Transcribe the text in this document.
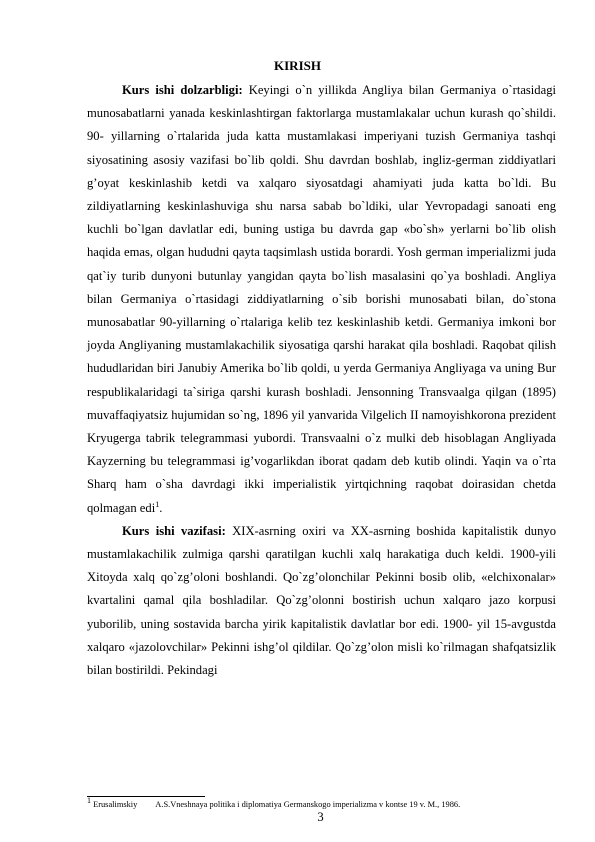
KIRISH

Kurs ishi dolzarbligi: Keyingi o`n yillikda Angliya bilan Germaniya o`rtasidagi munosabatlarni yanada keskinlashtirgan faktorlarga mustamlakalar uchun kurash qo`shildi. 90- yillarning o`rtalarida juda katta mustamlakasi imperiyani tuzish Germaniya tashqi siyosatining asosiy vazifasi bo`lib qoldi. Shu davrdan boshlab, ingliz-german ziddiyatlari g’oyat keskinlashib ketdi va xalqaro siyosatdagi ahamiyati juda katta bo`ldi. Bu zildiyatlarning keskinlashuviga shu narsa sabab bo`ldiki, ular Yevropadagi sanoati eng kuchli bo`lgan davlatlar edi, buning ustiga bu davrda gap «bo`sh» yerlarni bo`lib olish haqida emas, olgan hududni qayta taqsimlash ustida borardi. Yosh german imperializmi juda qat`iy turib dunyoni butunlay yangidan qayta bo`lish masalasini qo`ya boshladi. Angliya bilan Germaniya o`rtasidagi ziddiyatlarning o`sib borishi munosabati bilan, do`stona munosabatlar 90-yillarning o`rtalariga kelib tez keskinlashib ketdi. Germaniya imkoni bor joyda Angliyaning mustamlakachilik siyosatiga qarshi harakat qila boshladi. Raqobat qilish hududlaridan biri Janubiy Amerika bo`lib qoldi, u yerda Germaniya Angliyaga va uning Bur respublikalaridagi ta`siriga qarshi kurash boshladi. Jensonning Transvaalga qilgan (1895) muvaffaqiyatsiz hujumidan so`ng, 1896 yil yanvarida Vilgelich II namoyishkorona prezident Kryugerga tabrik telegrammasi yubordi. Transvaalni o`z mulki deb hisoblagan Angliyada Kayzerning bu telegrammasi ig’vogarlikdan iborat qadam deb kutib olindi. Yaqin va o`rta Sharq ham o`sha davrdagi ikki imperialistik yirtqichning raqobat doirasidan chetda qolmagan edi$^1$.

Kurs ishi vazifasi: XIX-asrning oxiri va XX-asrning boshida kapitalistik dunyo mustamlakachilik zulmiga qarshi qaratilgan kuchli xalq harakatiga duch keldi. 1900-yili Xitoyda xalq qo`zg’oloni boshlandi. Qo`zg’olonchilar Pekinni bosib olib, «elchixonalar» kvartalini qamal qila boshladilar. Qo`zg’olonni bostirish uchun xalqaro jazo korpusi yuborilib, uning sostavida barcha yirik kapitalistik davlatlar bor edi. 1900- yil 15-avgustda xalqaro «jazolovchilar» Pekinni ishg’ol qildilar. Qo`zg’olon misli ko`rilmagan shafqatsizlik bilan bostirildi. Pekindagi

$^1$ Erusalimskiy A.S.Vneshnaya politika i diplomatiya Germanskogo imperializma v kontse 19 v. M., 1986.
3
